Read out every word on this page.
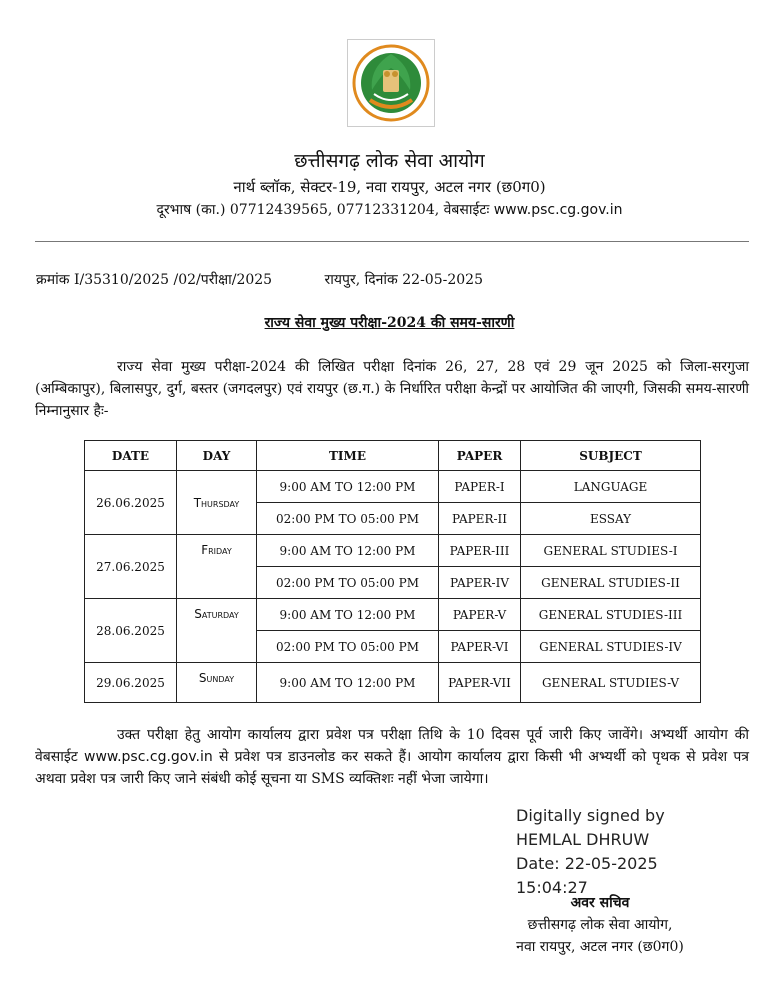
छत्तीसगढ़ लोक सेवा आयोग
नार्थ ब्लॉक, सेक्टर-19, नवा रायपुर, अटल नगर (छ0ग0)
दूरभाष (का.) 07712439565, 07712331204, वेबसाईटः www.psc.cg.gov.in
क्रमांक I/35310/2025 /02/परीक्षा/2025	रायपुर, दिनांक 22-05-2025
राज्य सेवा मुख्य परीक्षा-2024 की समय-सारणी

राज्य सेवा मुख्य परीक्षा-2024 की लिखित परीक्षा दिनांक 26, 27, 28 एवं 29 जून 2025 को जिला-सरगुजा (अम्बिकापुर), बिलासपुर, दुर्ग, बस्तर (जगदलपुर) एवं रायपुर (छ.ग.) के निर्धारित परीक्षा केन्द्रों पर आयोजित की जाएगी, जिसकी समय-सारणी निम्नानुसार हैः-

DATE	DAY	TIME	PAPER	SUBJECT
26.06.2025	Thursday	9:00 AM TO 12:00 PM	PAPER-I	LANGUAGE
		02:00 PM TO 05:00 PM	PAPER-II	ESSAY
27.06.2025	Friday	9:00 AM TO 12:00 PM	PAPER-III	GENERAL STUDIES-I
		02:00 PM TO 05:00 PM	PAPER-IV	GENERAL STUDIES-II
28.06.2025	Saturday	9:00 AM TO 12:00 PM	PAPER-V	GENERAL STUDIES-III
		02:00 PM TO 05:00 PM	PAPER-VI	GENERAL STUDIES-IV
29.06.2025	Sunday	9:00 AM TO 12:00 PM	PAPER-VII	GENERAL STUDIES-V

उक्त परीक्षा हेतु आयोग कार्यालय द्वारा प्रवेश पत्र परीक्षा तिथि के 10 दिवस पूर्व जारी किए जावेंगे। अभ्यर्थी आयोग की वेबसाईट www.psc.cg.gov.in से प्रवेश पत्र डाउनलोड कर सकते हैं। आयोग कार्यालय द्वारा किसी भी अभ्यर्थी को पृथक से प्रवेश पत्र अथवा प्रवेश पत्र जारी किए जाने संबंधी कोई सूचना या SMS व्यक्तिशः नहीं भेजा जायेगा।

Digitally signed by
HEMLAL DHRUW
Date: 22-05-2025
15:04:27
अवर सचिव
छत्तीसगढ़ लोक सेवा आयोग,
नवा रायपुर, अटल नगर (छ0ग0)
